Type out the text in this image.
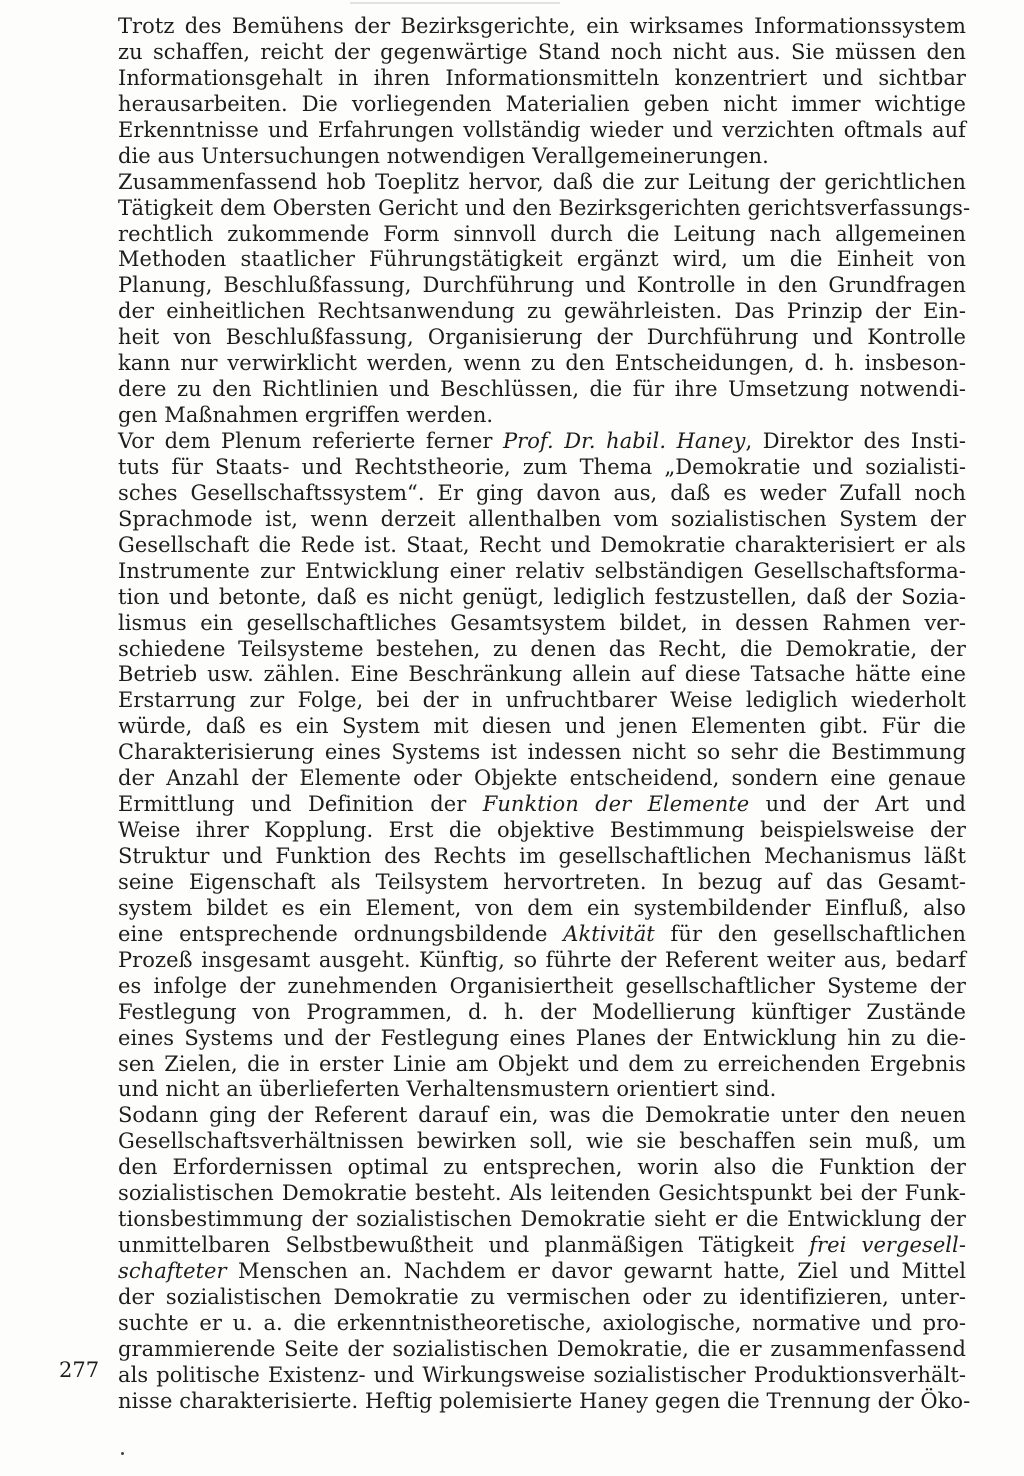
Trotz des Bemühens der Bezirksgerichte, ein wirksames Informationssystem
zu schaffen, reicht der gegenwärtige Stand noch nicht aus. Sie müssen den
Informationsgehalt in ihren Informationsmitteln konzentriert und sichtbar
herausarbeiten. Die vorliegenden Materialien geben nicht immer wichtige
Erkenntnisse und Erfahrungen vollständig wieder und verzichten oftmals auf
die aus Untersuchungen notwendigen Verallgemeinerungen.
Zusammenfassend hob Toeplitz hervor, daß die zur Leitung der gerichtlichen
Tätigkeit dem Obersten Gericht und den Bezirksgerichten gerichtsverfassungs-
rechtlich zukommende Form sinnvoll durch die Leitung nach allgemeinen
Methoden staatlicher Führungstätigkeit ergänzt wird, um die Einheit von
Planung, Beschlußfassung, Durchführung und Kontrolle in den Grundfragen
der einheitlichen Rechtsanwendung zu gewährleisten. Das Prinzip der Ein-
heit von Beschlußfassung, Organisierung der Durchführung und Kontrolle
kann nur verwirklicht werden, wenn zu den Entscheidungen, d. h. insbeson-
dere zu den Richtlinien und Beschlüssen, die für ihre Umsetzung notwendi-
gen Maßnahmen ergriffen werden.
Vor dem Plenum referierte ferner Prof. Dr. habil. Haney, Direktor des Insti-
tuts für Staats- und Rechtstheorie, zum Thema „Demokratie und sozialisti-
sches Gesellschaftssystem“. Er ging davon aus, daß es weder Zufall noch
Sprachmode ist, wenn derzeit allenthalben vom sozialistischen System der
Gesellschaft die Rede ist. Staat, Recht und Demokratie charakterisiert er als
Instrumente zur Entwicklung einer relativ selbständigen Gesellschaftsforma-
tion und betonte, daß es nicht genügt, lediglich festzustellen, daß der Sozia-
lismus ein gesellschaftliches Gesamtsystem bildet, in dessen Rahmen ver-
schiedene Teilsysteme bestehen, zu denen das Recht, die Demokratie, der
Betrieb usw. zählen. Eine Beschränkung allein auf diese Tatsache hätte eine
Erstarrung zur Folge, bei der in unfruchtbarer Weise lediglich wiederholt
würde, daß es ein System mit diesen und jenen Elementen gibt. Für die
Charakterisierung eines Systems ist indessen nicht so sehr die Bestimmung
der Anzahl der Elemente oder Objekte entscheidend, sondern eine genaue
Ermittlung und Definition der Funktion der Elemente und der Art und
Weise ihrer Kopplung. Erst die objektive Bestimmung beispielsweise der
Struktur und Funktion des Rechts im gesellschaftlichen Mechanismus läßt
seine Eigenschaft als Teilsystem hervortreten. In bezug auf das Gesamt-
system bildet es ein Element, von dem ein systembildender Einfluß, also
eine entsprechende ordnungsbildende Aktivität für den gesellschaftlichen
Prozeß insgesamt ausgeht. Künftig, so führte der Referent weiter aus, bedarf
es infolge der zunehmenden Organisiertheit gesellschaftlicher Systeme der
Festlegung von Programmen, d. h. der Modellierung künftiger Zustände
eines Systems und der Festlegung eines Planes der Entwicklung hin zu die-
sen Zielen, die in erster Linie am Objekt und dem zu erreichenden Ergebnis
und nicht an überlieferten Verhaltensmustern orientiert sind.
Sodann ging der Referent darauf ein, was die Demokratie unter den neuen
Gesellschaftsverhältnissen bewirken soll, wie sie beschaffen sein muß, um
den Erfordernissen optimal zu entsprechen, worin also die Funktion der
sozialistischen Demokratie besteht. Als leitenden Gesichtspunkt bei der Funk-
tionsbestimmung der sozialistischen Demokratie sieht er die Entwicklung der
unmittelbaren Selbstbewußtheit und planmäßigen Tätigkeit frei vergesell-
schafteter Menschen an. Nachdem er davor gewarnt hatte, Ziel und Mittel
der sozialistischen Demokratie zu vermischen oder zu identifizieren, unter-
suchte er u. a. die erkenntnistheoretische, axiologische, normative und pro-
grammierende Seite der sozialistischen Demokratie, die er zusammenfassend
als politische Existenz- und Wirkungsweise sozialistischer Produktionsverhält-
nisse charakterisierte. Heftig polemisierte Haney gegen die Trennung der Öko-
277
